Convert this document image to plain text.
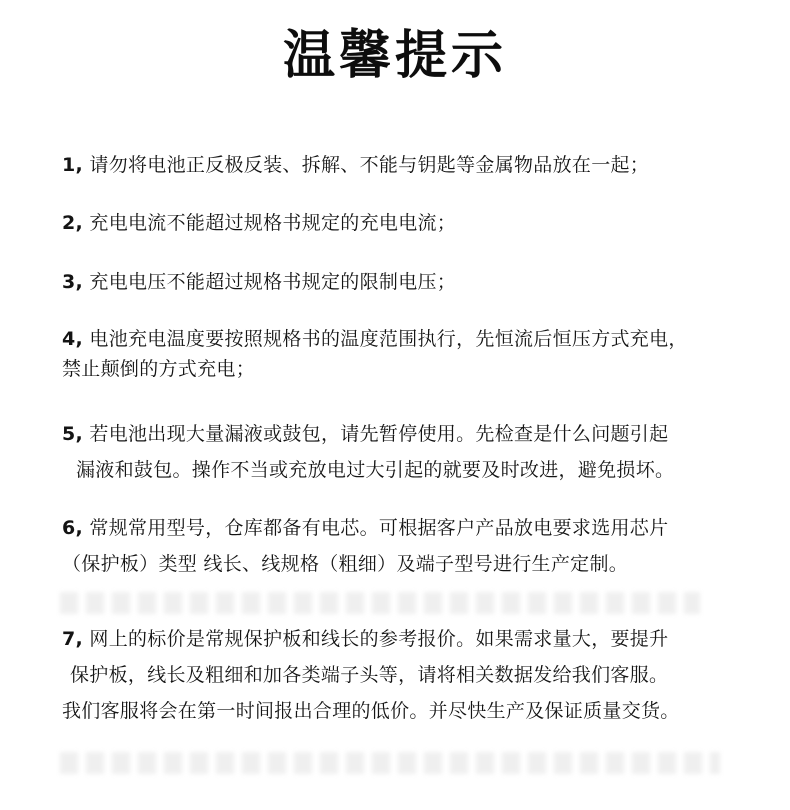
温馨提示
1, 请勿将电池正反极反装、拆解、不能与钥匙等金属物品放在一起；
2, 充电电流不能超过规格书规定的充电电流；
3, 充电电压不能超过规格书规定的限制电压；
4, 电池充电温度要按照规格书的温度范围执行，先恒流后恒压方式充电，
禁止颠倒的方式充电；
5, 若电池出现大量漏液或鼓包，请先暂停使用。先检查是什么问题引起
漏液和鼓包。操作不当或充放电过大引起的就要及时改进，避免损坏。
6, 常规常用型号，仓库都备有电芯。可根据客户产品放电要求选用芯片
（保护板）类型 线长、线规格（粗细）及端子型号进行生产定制。
7, 网上的标价是常规保护板和线长的参考报价。如果需求量大，要提升
保护板，线长及粗细和加各类端子头等，请将相关数据发给我们客服。
我们客服将会在第一时间报出合理的低价。并尽快生产及保证质量交货。
